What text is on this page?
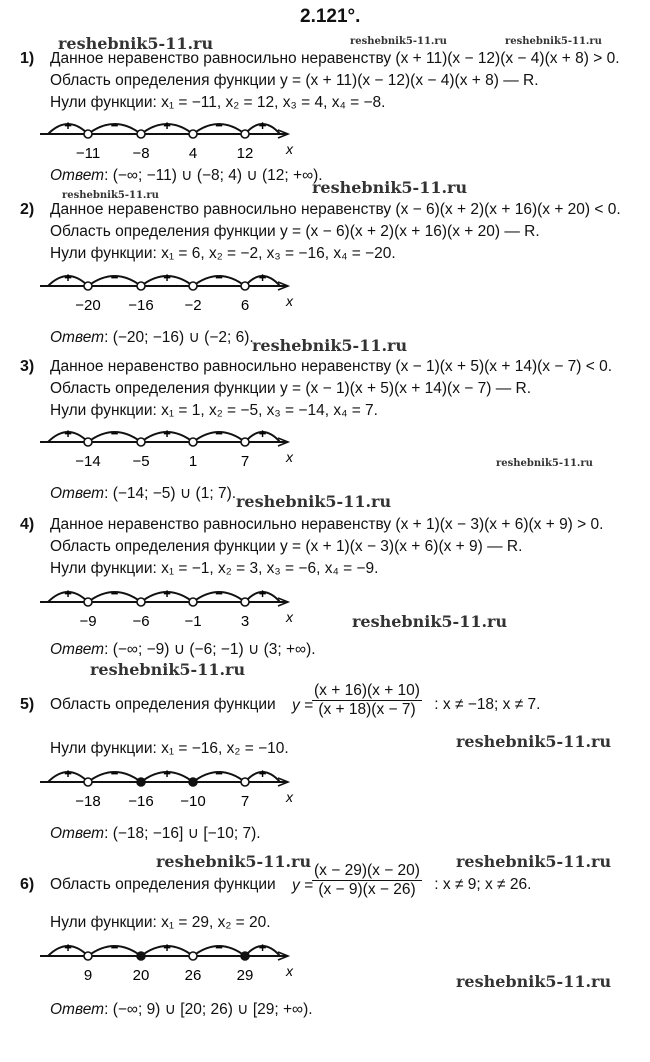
2.121°.
reshebnik5-11.ru	reshebnik5-11.ru	reshebnik5-11.ru
reshebnik5-11.ru	reshebnik5-11.ru
reshebnik5-11.ru
reshebnik5-11.ru
reshebnik5-11.ru
reshebnik5-11.ru
reshebnik5-11.ru
reshebnik5-11.ru
reshebnik5-11.ru	reshebnik5-11.ru
reshebnik5-11.ru
1) Данное неравенство равносильно неравенству (x + 11)(x − 12)(x − 4)(x + 8) > 0.
Область определения функции y = (x + 11)(x − 12)(x − 4)(x + 8) — R.
Нули функции: x₁ = −11, x₂ = 12, x₃ = 4, x₄ = −8.
x
+	−	+	−	+
−11 −8	4	12
Ответ: (−∞; −11) ∪ (−8; 4) ∪ (12; +∞).
2) Данное неравенство равносильно неравенству (x − 6)(x + 2)(x + 16)(x + 20) < 0.
Область определения функции y = (x − 6)(x + 2)(x + 16)(x + 20) — R.
Нули функции: x₁ = 6, x₂ = −2, x₃ = −16, x₄ = −20.
x
+	−	+	−	+
−20 −16 −2	6
Ответ: (−20; −16) ∪ (−2; 6).
3) Данное неравенство равносильно неравенству (x − 1)(x + 5)(x + 14)(x − 7) < 0.
Область определения функции y = (x − 1)(x + 5)(x + 14)(x − 7) — R.
Нули функции: x₁ = 1, x₂ = −5, x₃ = −14, x₄ = 7.
x
+	−	+	−	+
−14 −5	1	7
Ответ: (−14; −5) ∪ (1; 7).
4) Данное неравенство равносильно неравенству (x + 1)(x − 3)(x + 6)(x + 9) > 0.
Область определения функции y = (x + 1)(x − 3)(x + 6)(x + 9) — R.
Нули функции: x₁ = −1, x₂ = 3, x₃ = −6, x₄ = −9.
x
+	−	+	−	+
−9 −6 −1	3
Ответ: (−∞; −9) ∪ (−6; −1) ∪ (3; +∞).
5) Область определения функции	: x ≠ −18; x ≠ 7.
y =
$\frac{(x + 16)(x + 10)}{(x + 18)(x - 7)}$
Нули функции: x₁ = −16, x₂ = −10.
x
+	−	+	−	+
−18 −16 −10 7
Ответ: (−18; −16] ∪ [−10; 7).
6) Область определения функции	: x ≠ 9; x ≠ 26.
y =
$\frac{(x - 29)(x - 20)}{(x - 9)(x - 26)}$
Нули функции: x₁ = 29, x₂ = 20.
x
+	−	+	−	+
9	20 26 29
Ответ: (−∞; 9) ∪ [20; 26) ∪ [29; +∞).
